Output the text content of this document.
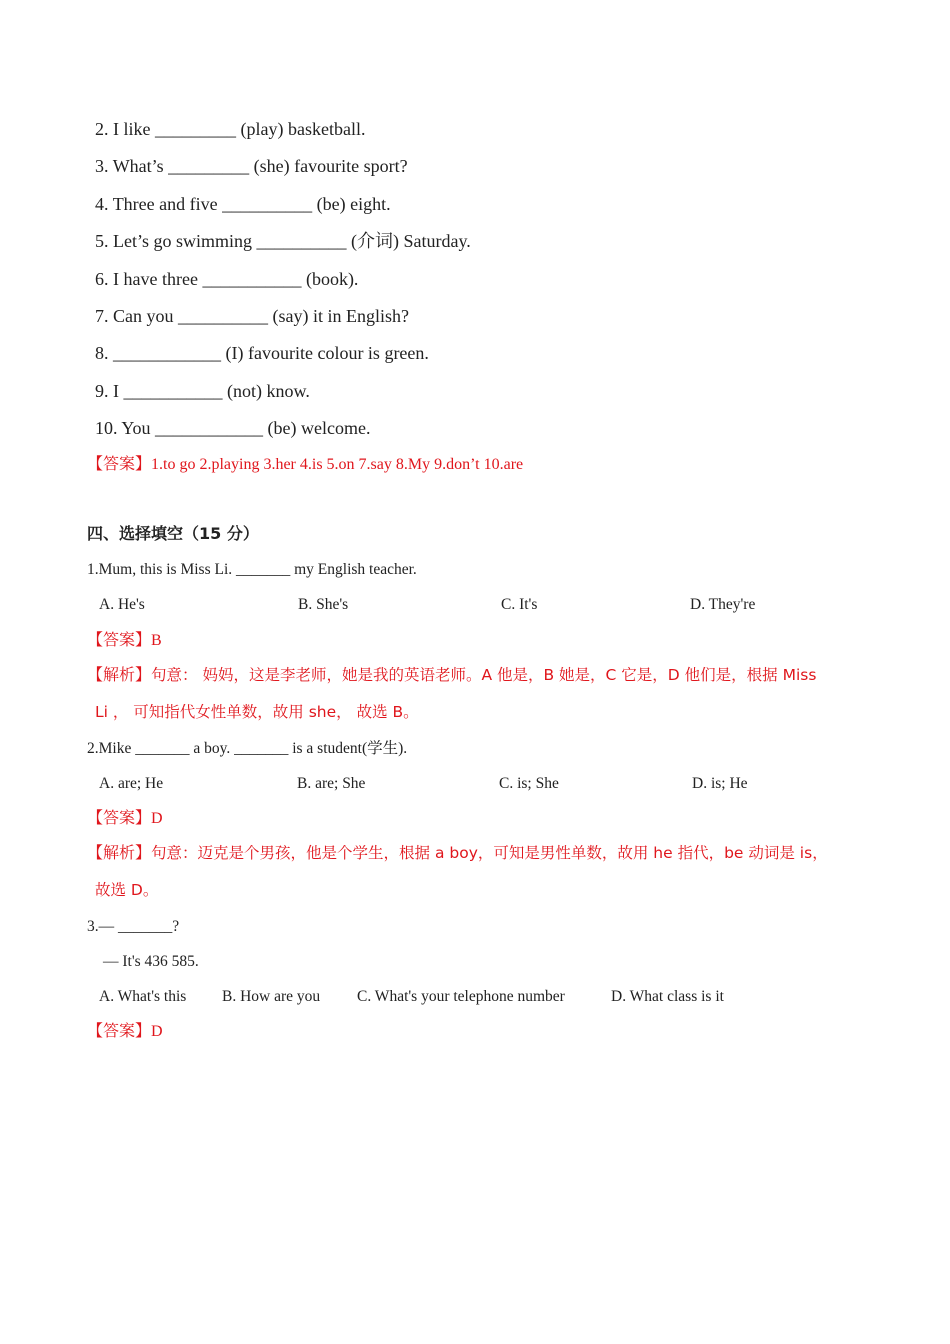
2. I like _________ (play) basketball.
3. What’s _________ (she) favourite sport?
4. Three and five __________ (be) eight.
5. Let’s go swimming __________ (介词) Saturday.
6. I have three ___________ (book).
7. Can you __________ (say) it in English?
8. ____________ (I) favourite colour is green.
9. I ___________ (not) know.
10. You ____________ (be) welcome.
【答案】1.to go 2.playing 3.her 4.is 5.on 7.say 8.My 9.don’t 10.are
四、选择填空（15 分）
1.Mum, this is Miss Li. _______ my English teacher.
A. He's	B. She's	C. It's	D. They're
【答案】B
【解析】句意： 妈妈，这是李老师，她是我的英语老师。A 他是，B 她是，C 它是，D 他们是，根据 Miss
Li ， 可知指代女性单数，故用 she， 故选 B。
2.Mike _______ a boy. _______ is a student(学生).
A. are; He	B. are; She	C. is; She	D. is; He
【答案】D
【解析】句意：迈克是个男孩，他是个学生，根据 a boy，可知是男性单数，故用 he 指代，be 动词是 is，
故选 D。
3.— _______?
— It's 436 585.
A. What's this B. How are you C. What's your telephone number	D. What class is it
【答案】D
